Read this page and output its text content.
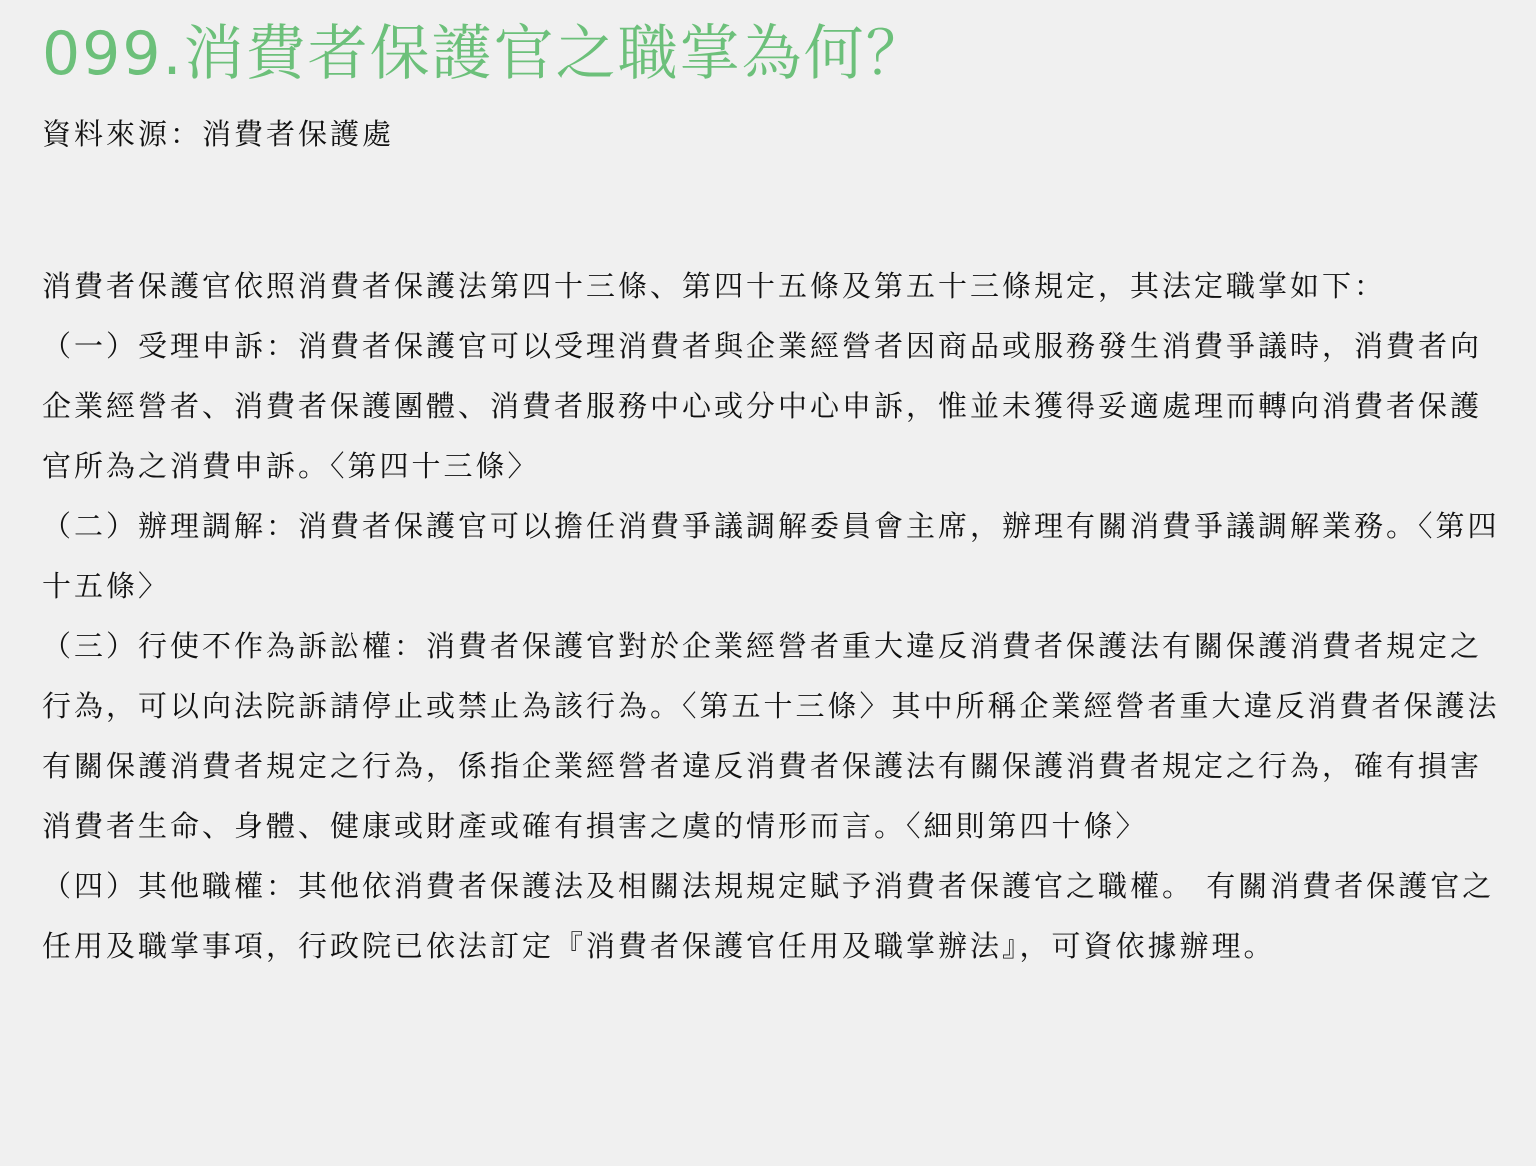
099.消費者保護官之職掌為何？
資料來源：消費者保護處

消費者保護官依照消費者保護法第四十三條、第四十五條及第五十三條規定，其法定職掌如下：

（一）受理申訴：消費者保護官可以受理消費者與企業經營者因商品或服務發生消費爭議時，消費者向企業經營者、消費者保護團體、消費者服務中心或分中心申訴，惟並未獲得妥適處理而轉向消費者保護官所為之消費申訴。〈第四十三條〉

（二）辦理調解：消費者保護官可以擔任消費爭議調解委員會主席，辦理有關消費爭議調解業務。〈第四十五條〉

（三）行使不作為訴訟權：消費者保護官對於企業經營者重大違反消費者保護法有關保護消費者規定之行為，可以向法院訴請停止或禁止為該行為。〈第五十三條〉其中所稱企業經營者重大違反消費者保護法有關保護消費者規定之行為，係指企業經營者違反消費者保護法有關保護消費者規定之行為，確有損害消費者生命、身體、健康或財產或確有損害之虞的情形而言。〈細則第四十條〉

（四）其他職權：其他依消費者保護法及相關法規規定賦予消費者保護官之職權。 有關消費者保護官之任用及職掌事項，行政院已依法訂定『消費者保護官任用及職掌辦法』，可資依據辦理。
